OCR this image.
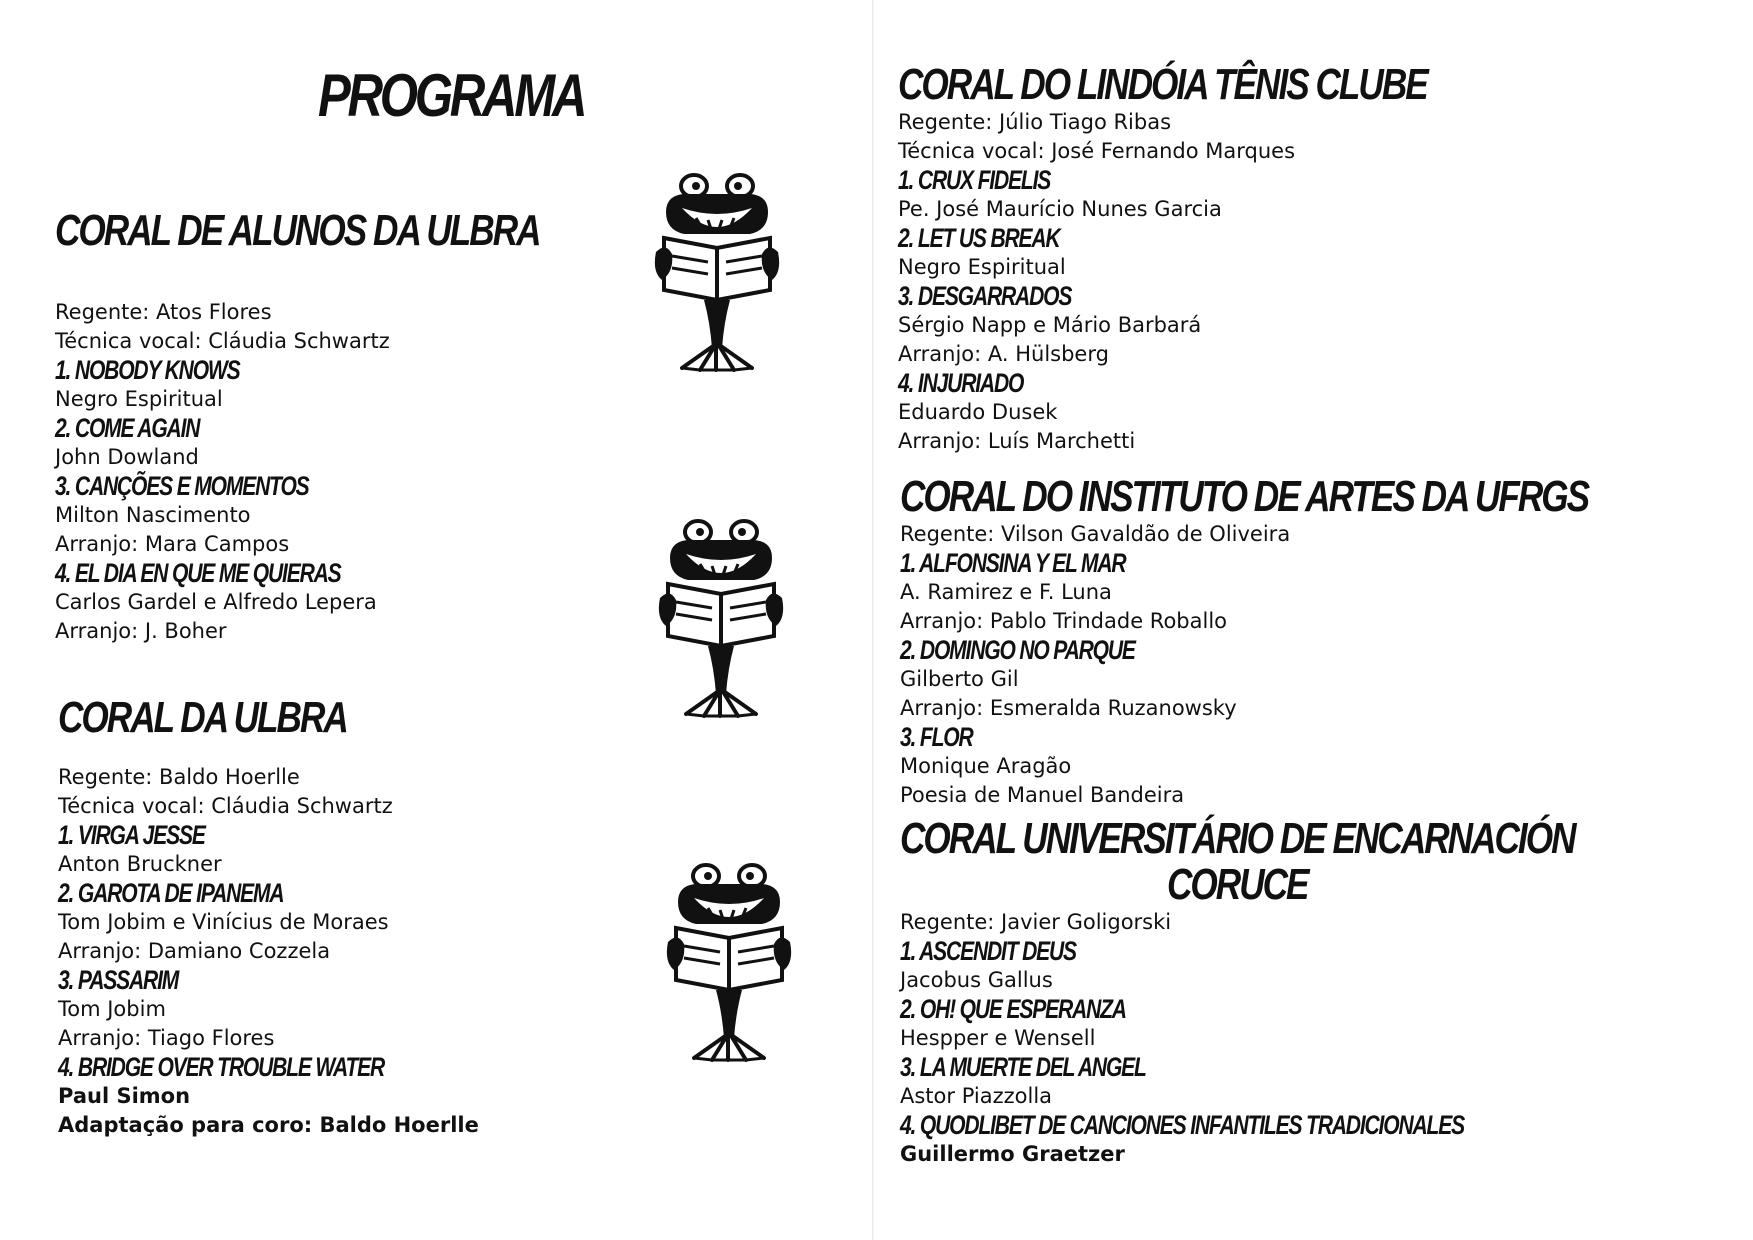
PROGRAMA
CORAL DE ALUNOS DA ULBRA
Regente: Atos Flores
Técnica vocal: Cláudia Schwartz
1. NOBODY KNOWS
Negro Espiritual
2. COME AGAIN
John Dowland
3. CANÇÕES E MOMENTOS
Milton Nascimento
Arranjo: Mara Campos
4. EL DIA EN QUE ME QUIERAS
Carlos Gardel e Alfredo Lepera
Arranjo: J. Boher
CORAL DA ULBRA
Regente: Baldo Hoerlle
Técnica vocal: Cláudia Schwartz
1. VIRGA JESSE
Anton Bruckner
2. GAROTA DE IPANEMA
Tom Jobim e Vinícius de Moraes
Arranjo: Damiano Cozzela
3. PASSARIM
Tom Jobim
Arranjo: Tiago Flores
4. BRIDGE OVER TROUBLE WATER
Paul Simon
Adaptação para coro: Baldo Hoerlle
CORAL DO LINDÓIA TÊNIS CLUBE
Regente: Júlio Tiago Ribas
Técnica vocal: José Fernando Marques
1. CRUX FIDELIS
Pe. José Maurício Nunes Garcia
2. LET US BREAK
Negro Espiritual
3. DESGARRADOS
Sérgio Napp e Mário Barbará
Arranjo: A. Hülsberg
4. INJURIADO
Eduardo Dusek
Arranjo: Luís Marchetti
CORAL DO INSTITUTO DE ARTES DA UFRGS
Regente: Vilson Gavaldão de Oliveira
1. ALFONSINA Y EL MAR
A. Ramirez e F. Luna
Arranjo: Pablo Trindade Roballo
2. DOMINGO NO PARQUE
Gilberto Gil
Arranjo: Esmeralda Ruzanowsky
3. FLOR
Monique Aragão
Poesia de Manuel Bandeira
CORAL UNIVERSITÁRIO DE ENCARNACIÓN
CORUCE
Regente: Javier Goligorski
1. ASCENDIT DEUS
Jacobus Gallus
2. OH! QUE ESPERANZA
Hespper e Wensell
3. LA MUERTE DEL ANGEL
Astor Piazzolla
4. QUODLIBET DE CANCIONES INFANTILES TRADICIONALES
Guillermo Graetzer
